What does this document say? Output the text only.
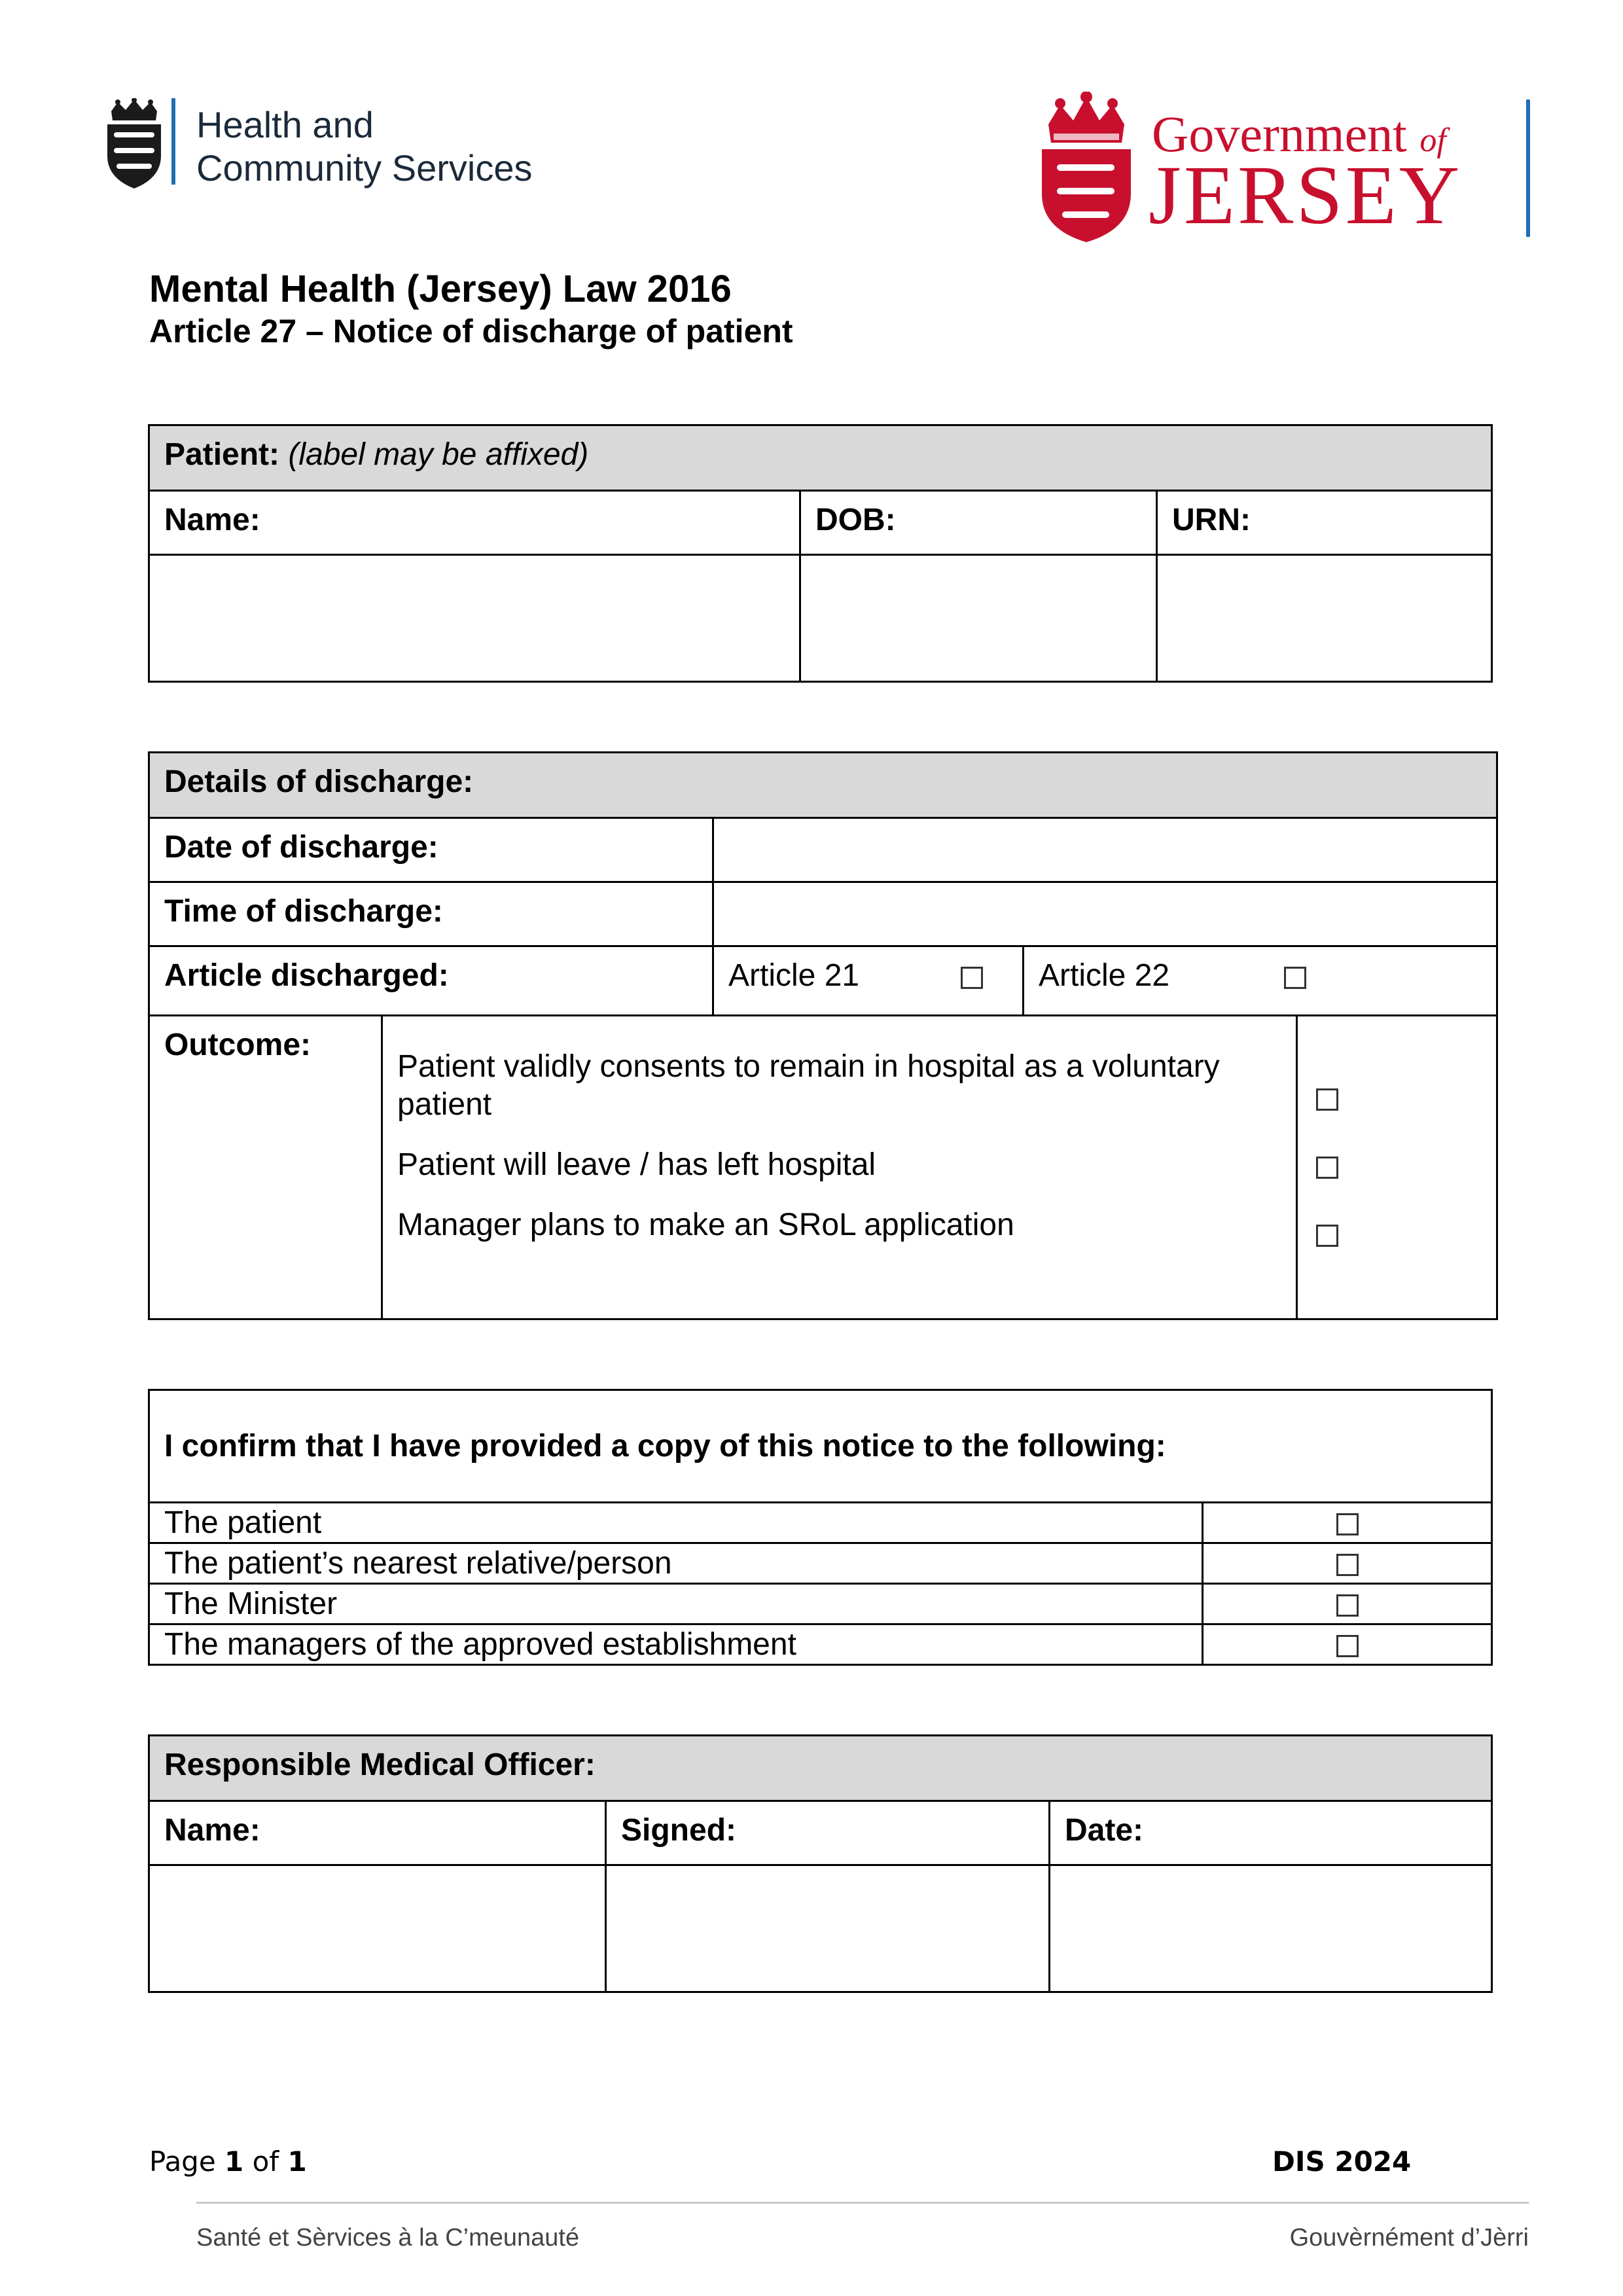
Health and
Community Services
Government of
JERSEY
Mental Health (Jersey) Law 2016
Article 27 – Notice of discharge of patient
Patient: (label may be affixed)		
Name:	DOB:	URN:

Details of discharge:				
Date of discharge:				
Time of discharge:				
Article discharged:		Article 21	Article 22	

Outcome:	Patient validly consents to remain in hospital as a voluntary patient
Patient will leave / has left hospital
Manager plans to make an SRoL application			

I confirm that I have provided a copy of this notice to the following:	
The patient	
The patient’s nearest relative/person	
The Minister	
The managers of the approved establishment	
Responsible Medical Officer:		
Name:	Signed:	Date:

Page 1 of 1	DIS 2024
Santé et Sèrvices à la C’meunauté	Gouvèrnément d’Jèrri
